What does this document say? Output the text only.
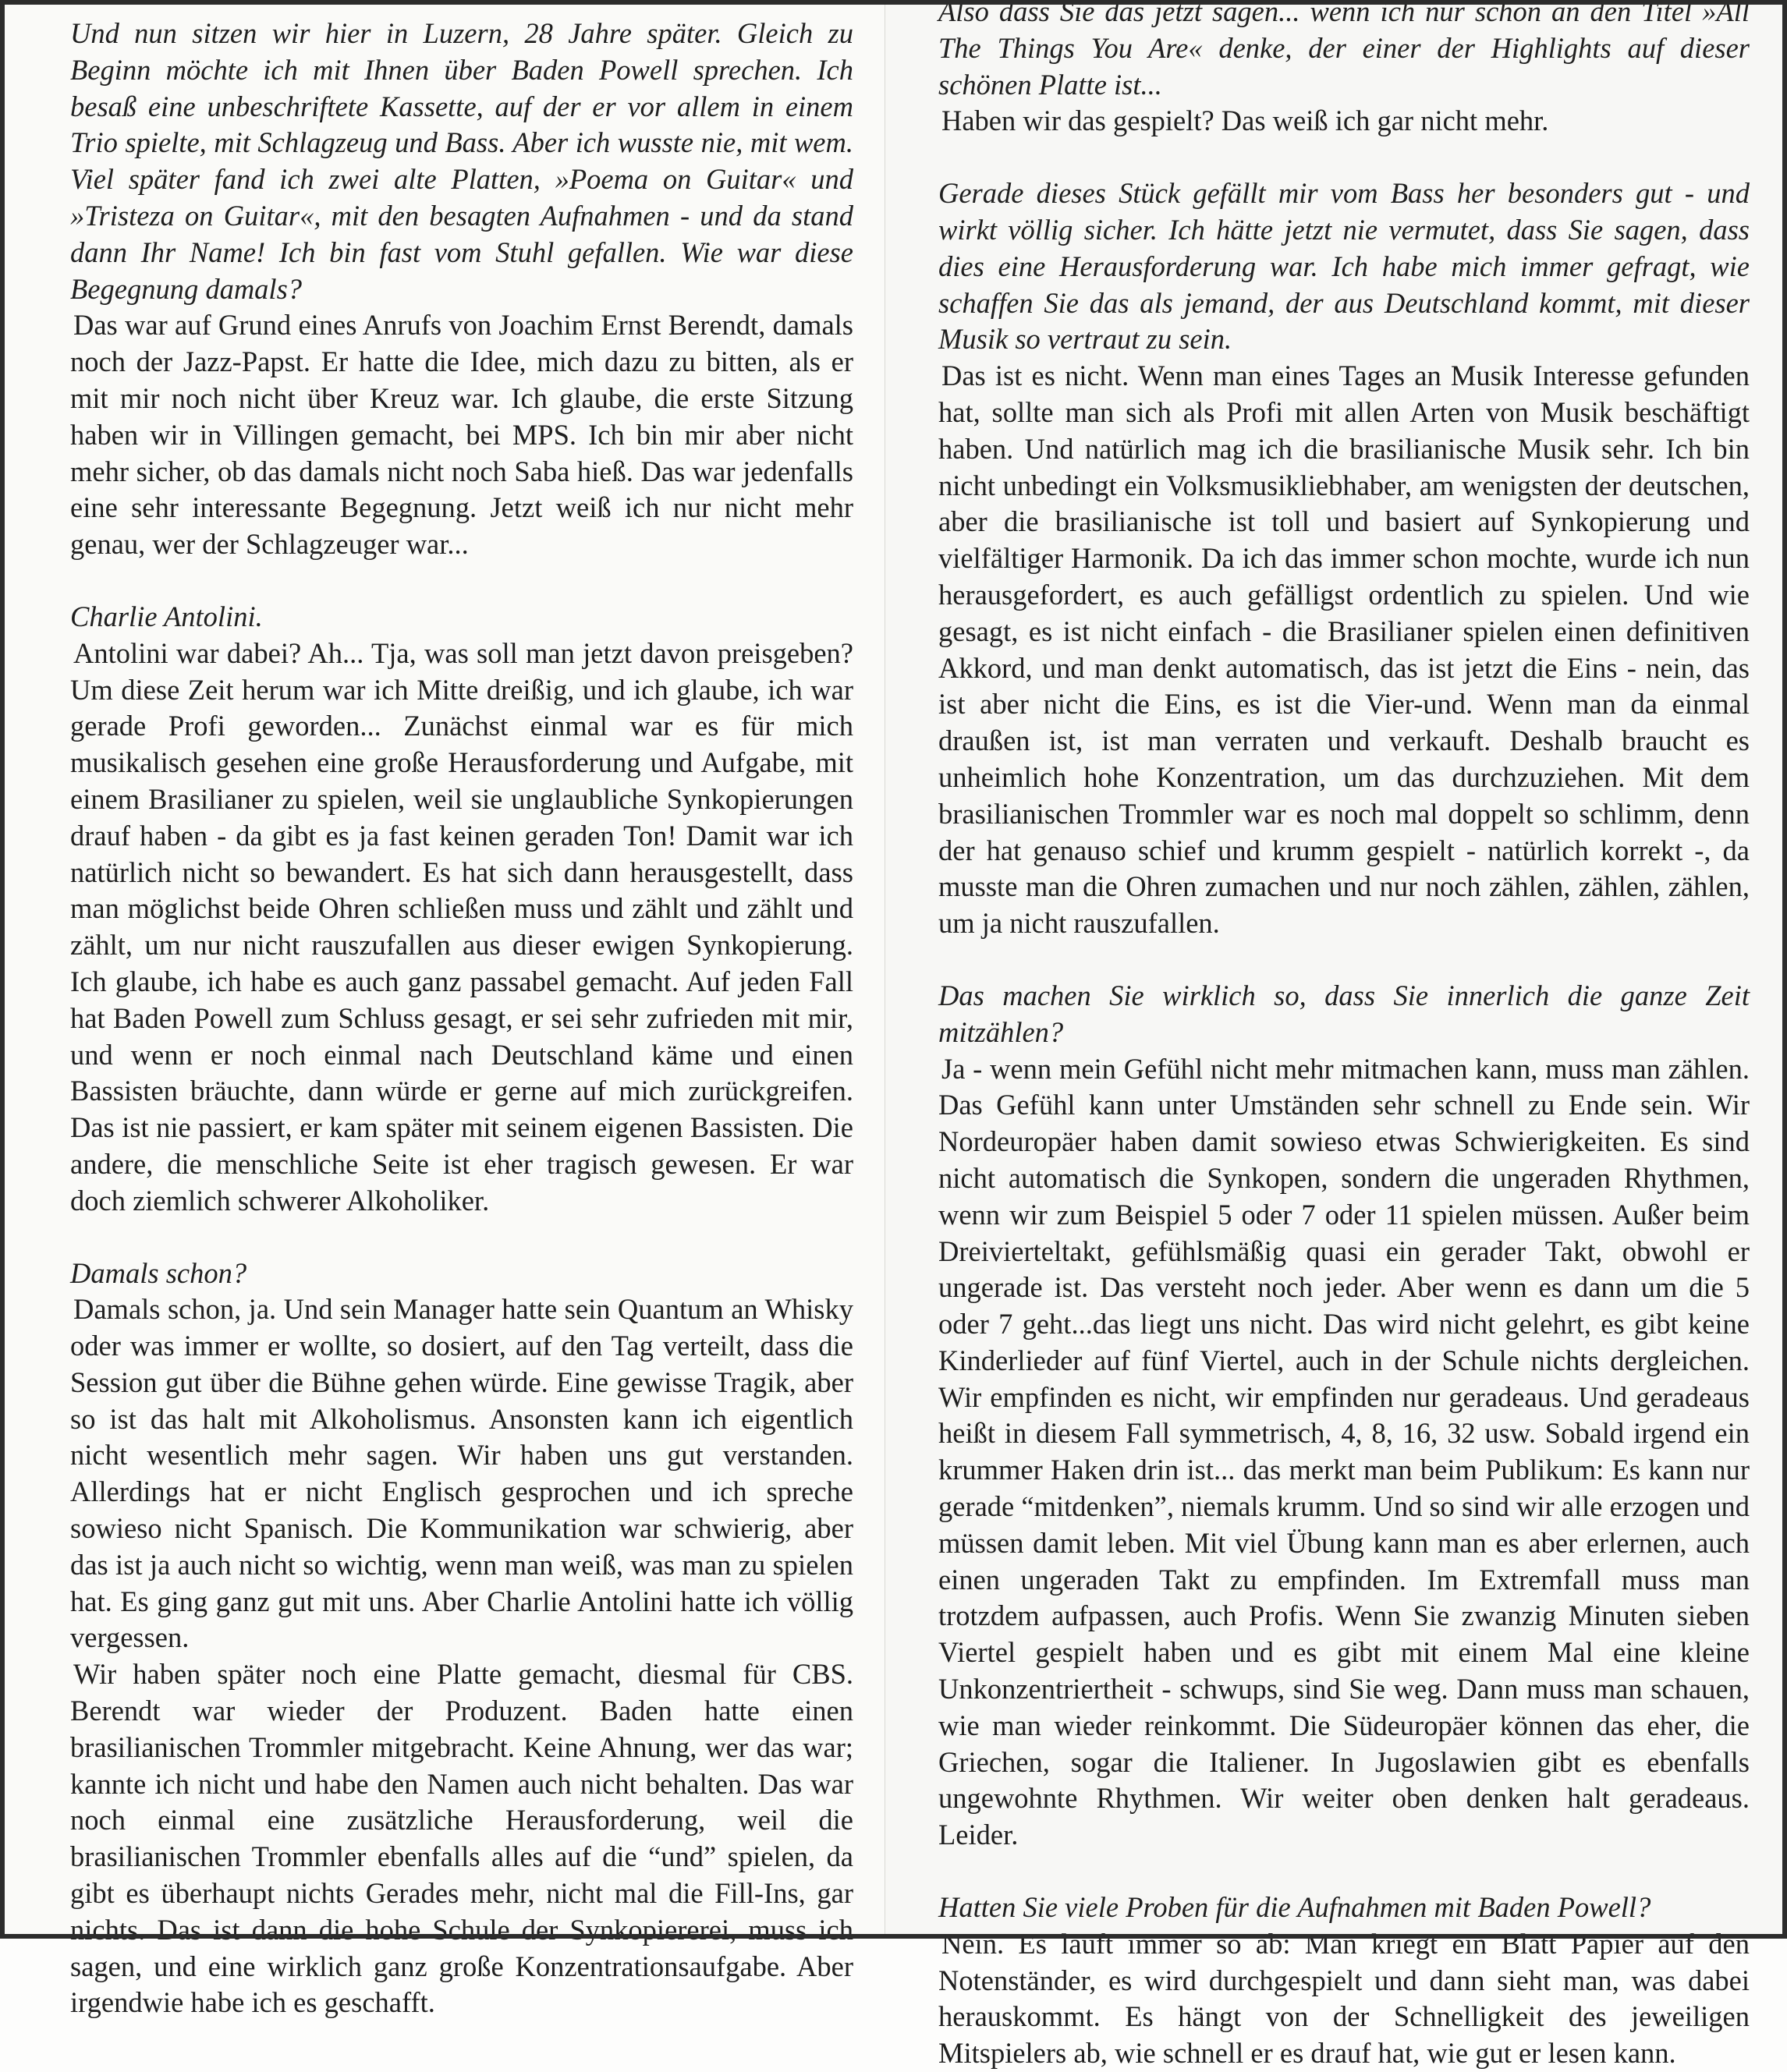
Und nun sitzen wir hier in Luzern, 28 Jahre später. Gleich zu Beginn möchte ich mit Ihnen über Baden Powell sprechen. Ich besaß eine unbeschriftete Kassette, auf der er vor allem in einem Trio spielte, mit Schlagzeug und Bass. Aber ich wusste nie, mit wem. Viel später fand ich zwei alte Platten, »Poema on Guitar« und »Tristeza on Guitar«, mit den besagten Aufnahmen - und da stand dann Ihr Name! Ich bin fast vom Stuhl gefallen. Wie war diese Begegnung damals?

Das war auf Grund eines Anrufs von Joachim Ernst Berendt, damals noch der Jazz-Papst. Er hatte die Idee, mich dazu zu bitten, als er mit mir noch nicht über Kreuz war. Ich glaube, die erste Sitzung haben wir in Villingen gemacht, bei MPS. Ich bin mir aber nicht mehr sicher, ob das damals nicht noch Saba hieß. Das war jedenfalls eine sehr interessante Begegnung. Jetzt weiß ich nur nicht mehr genau, wer der Schlagzeuger war...

Charlie Antolini.

Antolini war dabei? Ah... Tja, was soll man jetzt davon preisgeben? Um diese Zeit herum war ich Mitte dreißig, und ich glaube, ich war gerade Profi geworden... Zunächst einmal war es für mich musikalisch gesehen eine große Herausforderung und Aufgabe, mit einem Brasilianer zu spielen, weil sie unglaubliche Synkopierungen drauf haben - da gibt es ja fast keinen geraden Ton! Damit war ich natürlich nicht so bewandert. Es hat sich dann herausgestellt, dass man möglichst beide Ohren schließen muss und zählt und zählt und zählt, um nur nicht rauszufallen aus dieser ewigen Synkopierung. Ich glaube, ich habe es auch ganz passabel gemacht. Auf jeden Fall hat Baden Powell zum Schluss gesagt, er sei sehr zufrieden mit mir, und wenn er noch einmal nach Deutschland käme und einen Bassisten bräuchte, dann würde er gerne auf mich zurückgreifen. Das ist nie passiert, er kam später mit seinem eigenen Bassisten. Die andere, die menschliche Seite ist eher tragisch gewesen. Er war doch ziemlich schwerer Alkoholiker.

Damals schon?

Damals schon, ja. Und sein Manager hatte sein Quantum an Whisky oder was immer er wollte, so dosiert, auf den Tag verteilt, dass die Session gut über die Bühne gehen würde. Eine gewisse Tragik, aber so ist das halt mit Alkoholismus. Ansonsten kann ich eigentlich nicht wesentlich mehr sagen. Wir haben uns gut verstanden. Allerdings hat er nicht Englisch gesprochen und ich spreche sowieso nicht Spanisch. Die Kommunikation war schwierig, aber das ist ja auch nicht so wichtig, wenn man weiß, was man zu spielen hat. Es ging ganz gut mit uns. Aber Charlie Antolini hatte ich völlig vergessen.

Wir haben später noch eine Platte gemacht, diesmal für CBS. Berendt war wieder der Produzent. Baden hatte einen brasilianischen Trommler mitgebracht. Keine Ahnung, wer das war; kannte ich nicht und habe den Namen auch nicht behalten. Das war noch einmal eine zusätzliche Herausforderung, weil die brasilianischen Trommler ebenfalls alles auf die “und” spielen, da gibt es überhaupt nichts Gerades mehr, nicht mal die Fill-Ins, gar nichts. Das ist dann die hohe Schule der Synkopiererei, muss ich sagen, und eine wirklich ganz große Konzentrationsaufgabe. Aber irgendwie habe ich es geschafft.

Also dass Sie das jetzt sagen... wenn ich nur schon an den Titel »All The Things You Are« denke, der einer der Highlights auf dieser schönen Platte ist...

Haben wir das gespielt? Das weiß ich gar nicht mehr.

Gerade dieses Stück gefällt mir vom Bass her besonders gut - und wirkt völlig sicher. Ich hätte jetzt nie vermutet, dass Sie sagen, dass dies eine Herausforderung war. Ich habe mich immer gefragt, wie schaffen Sie das als jemand, der aus Deutschland kommt, mit dieser Musik so vertraut zu sein.

Das ist es nicht. Wenn man eines Tages an Musik Interesse gefunden hat, sollte man sich als Profi mit allen Arten von Musik beschäftigt haben. Und natürlich mag ich die brasilianische Musik sehr. Ich bin nicht unbedingt ein Volksmusikliebhaber, am wenigsten der deutschen, aber die brasilianische ist toll und basiert auf Synkopierung und vielfältiger Harmonik. Da ich das immer schon mochte, wurde ich nun herausgefordert, es auch gefälligst ordentlich zu spielen. Und wie gesagt, es ist nicht einfach - die Brasilianer spielen einen definitiven Akkord, und man denkt automatisch, das ist jetzt die Eins - nein, das ist aber nicht die Eins, es ist die Vier-und. Wenn man da einmal draußen ist, ist man verraten und verkauft. Deshalb braucht es unheimlich hohe Konzentration, um das durchzuziehen. Mit dem brasilianischen Trommler war es noch mal doppelt so schlimm, denn der hat genauso schief und krumm gespielt - natürlich korrekt -, da musste man die Ohren zumachen und nur noch zählen, zählen, zählen, um ja nicht rauszufallen.

Das machen Sie wirklich so, dass Sie innerlich die ganze Zeit mitzählen?

Ja - wenn mein Gefühl nicht mehr mitmachen kann, muss man zählen. Das Gefühl kann unter Umständen sehr schnell zu Ende sein. Wir Nordeuropäer haben damit sowieso etwas Schwierigkeiten. Es sind nicht automatisch die Synkopen, sondern die ungeraden Rhythmen, wenn wir zum Beispiel 5 oder 7 oder 11 spielen müssen. Außer beim Dreivierteltakt, gefühlsmäßig quasi ein gerader Takt, obwohl er ungerade ist. Das versteht noch jeder. Aber wenn es dann um die 5 oder 7 geht...das liegt uns nicht. Das wird nicht gelehrt, es gibt keine Kinderlieder auf fünf Viertel, auch in der Schule nichts dergleichen. Wir empfinden es nicht, wir empfinden nur geradeaus. Und geradeaus heißt in diesem Fall symmetrisch, 4, 8, 16, 32 usw. Sobald irgend ein krummer Haken drin ist... das merkt man beim Publikum: Es kann nur gerade “mitdenken”, niemals krumm. Und so sind wir alle erzogen und müssen damit leben. Mit viel Übung kann man es aber erlernen, auch einen ungeraden Takt zu empfinden. Im Extremfall muss man trotzdem aufpassen, auch Profis. Wenn Sie zwanzig Minuten sieben Viertel gespielt haben und es gibt mit einem Mal eine kleine Unkonzentriertheit - schwups, sind Sie weg. Dann muss man schauen, wie man wieder reinkommt. Die Südeuropäer können das eher, die Griechen, sogar die Italiener. In Jugoslawien gibt es ebenfalls ungewohnte Rhythmen. Wir weiter oben denken halt geradeaus. Leider.

Hatten Sie viele Proben für die Aufnahmen mit Baden Powell?

Nein. Es läuft immer so ab: Man kriegt ein Blatt Papier auf den Notenständer, es wird durchgespielt und dann sieht man, was dabei herauskommt. Es hängt von der Schnelligkeit des jeweiligen Mitspielers ab, wie schnell er es drauf hat, wie gut er lesen kann.
